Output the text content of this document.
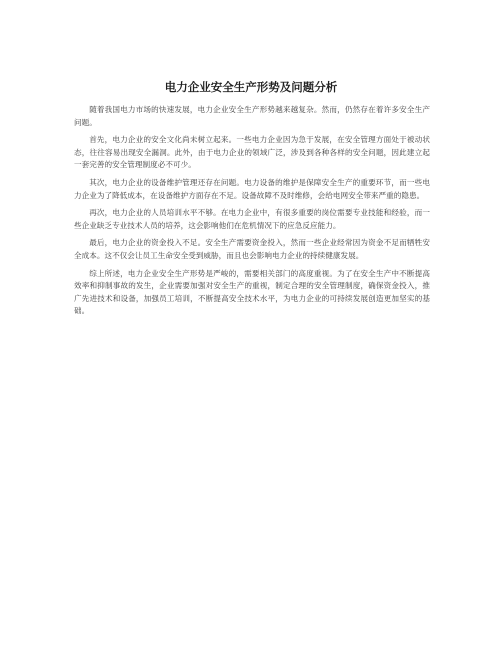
电力企业安全生产形势及问题分析

随着我国电力市场的快速发展，电力企业安全生产形势越来越复杂。然而，仍然存在着许多安全生产问题。

首先，电力企业的安全文化尚未树立起来。一些电力企业因为急于发展，在安全管理方面处于被动状态，往往容易出现安全漏洞。此外，由于电力企业的领域广泛，涉及到各种各样的安全问题，因此建立起一套完善的安全管理制度必不可少。

其次，电力企业的设备维护管理还存在问题。电力设备的维护是保障安全生产的重要环节，而一些电力企业为了降低成本，在设备维护方面存在不足。设备故障不及时维修，会给电网安全带来严重的隐患。

再次，电力企业的人员培训水平不够。在电力企业中，有很多重要的岗位需要专业技能和经验，而一些企业缺乏专业技术人员的培养，这会影响他们在危机情况下的应急反应能力。

最后，电力企业的资金投入不足。安全生产需要资金投入，然而一些企业经常因为资金不足而牺牲安全成本。这不仅会让员工生命安全受到威胁，而且也会影响电力企业的持续健康发展。

综上所述，电力企业安全生产形势是严峻的，需要相关部门的高度重视。为了在安全生产中不断提高效率和抑制事故的发生，企业需要加强对安全生产的重视，制定合理的安全管理制度，确保资金投入，推广先进技术和设备，加强员工培训，不断提高安全技术水平，为电力企业的可持续发展创造更加坚实的基础。
